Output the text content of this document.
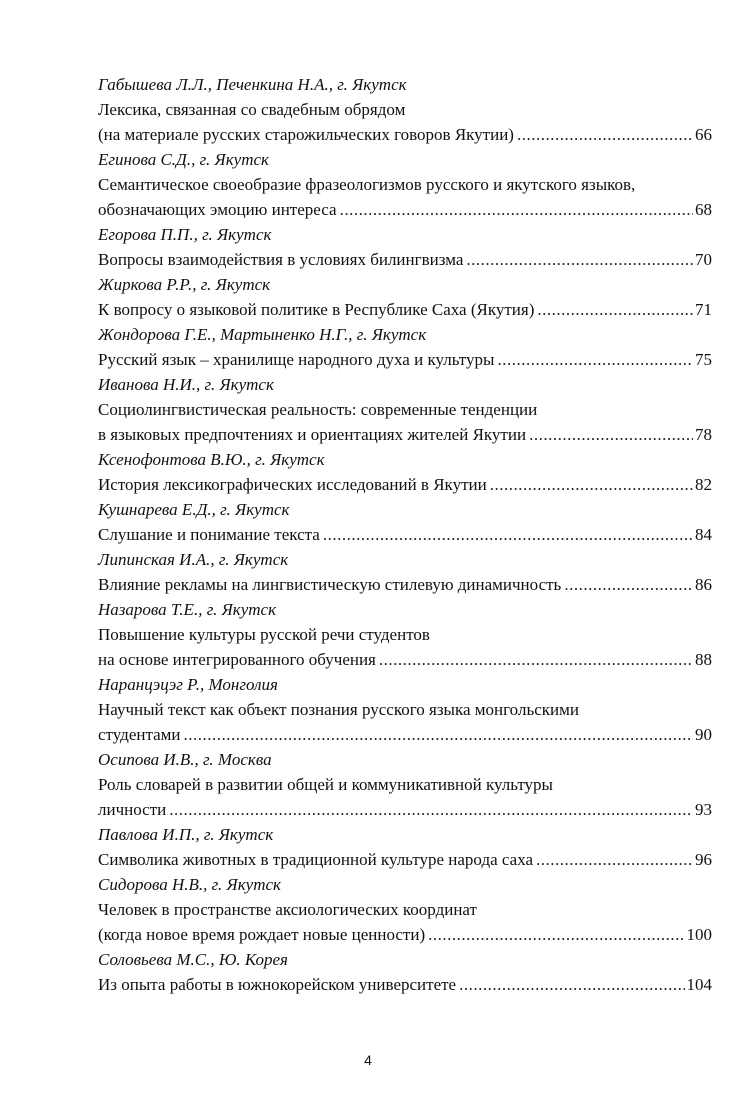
Габышева Л.Л., Печенкина Н.А., г. Якутск
Лексика, связанная со свадебным обрядом
(на материале русских старожильческих говоров Якутии) .....	66
Егинова С.Д., г. Якутск
Семантическое своеобразие фразеологизмов русского и якутского языков,
обозначающих эмоцию интереса .....	68
Егорова П.П., г. Якутск
Вопросы взаимодействия в условиях билингвизма .....	70
Жиркова Р.Р., г. Якутск
К вопросу о языковой политике в Республике Саха (Якутия) .....	71
Жондорова Г.Е., Мартыненко Н.Г., г. Якутск
Русский язык – хранилище народного духа и культуры .....	75
Иванова Н.И., г. Якутск
Социолингвистическая реальность: современные тенденции
в языковых предпочтениях и ориентациях жителей Якутии .....	78
Ксенофонтова В.Ю., г. Якутск
История лексикографических исследований в Якутии .....	82
Кушнарева Е.Д., г. Якутск
Слушание и понимание текста .....	84
Липинская И.А., г. Якутск
Влияние рекламы на лингвистическую стилевую динамичность .....	86
Назарова Т.Е., г. Якутск
Повышение культуры русской речи студентов
на основе интегрированного обучения .....	88
Наранцэцэг Р., Монголия
Научный текст как объект познания русского языка монгольскими
студентами .....	90
Осипова И.В., г. Москва
Роль словарей в развитии общей и коммуникативной культуры
личности .....	93
Павлова И.П., г. Якутск
Символика животных в традиционной культуре народа саха .....	96
Сидорова Н.В., г. Якутск
Человек в пространстве аксиологических координат
(когда новое время рождает новые ценности) .....	100
Соловьева М.С., Ю. Корея
Из опыта работы в южнокорейском университете .....	104
4
